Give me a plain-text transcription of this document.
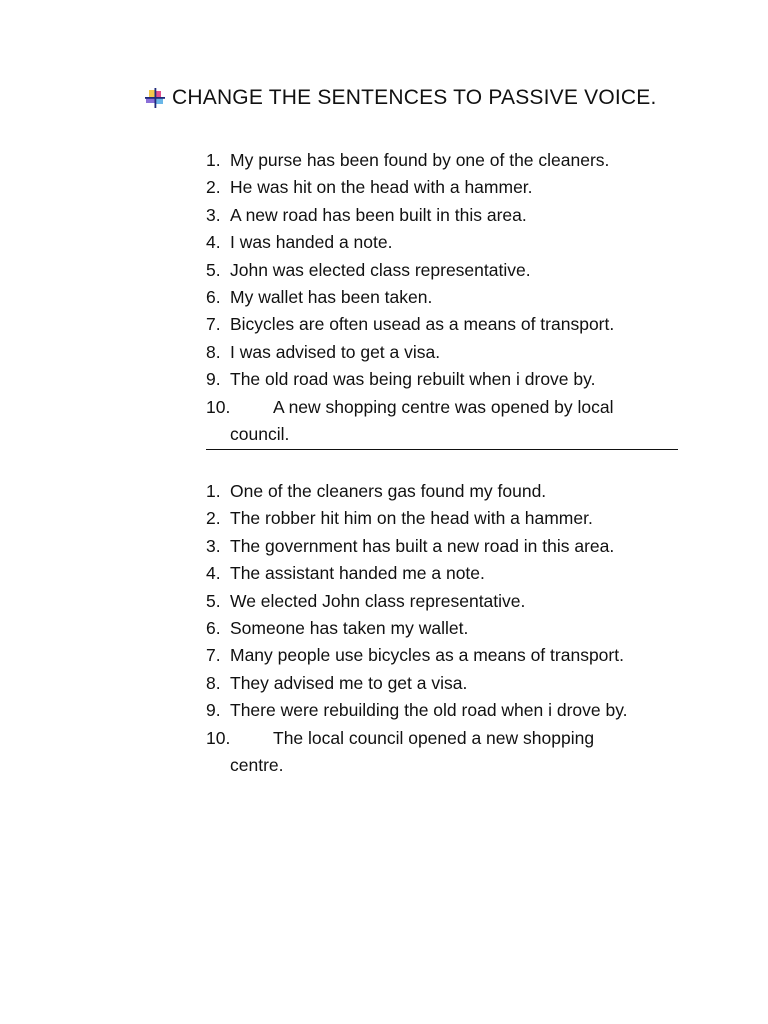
CHANGE THE SENTENCES TO PASSIVE VOICE.
1. My purse has been found by one of the cleaners.
2. He was hit on the head with a hammer.
3. A new road has been built in this area.
4. I was handed a note.
5. John was elected class representative.
6. My wallet has been taken.
7. Bicycles are often usead as a means of transport.
8. I was advised to get a visa.
9. The old road was being rebuilt when i drove by.
10. A new shopping centre was opened by local
council.
1. One of the cleaners gas found my found.
2. The robber hit him on the head with a hammer.
3. The government has built a new road in this area.
4. The assistant handed me a note.
5. We elected John class representative.
6. Someone has taken my wallet.
7. Many people use bicycles as a means of transport.
8. They advised me to get a visa.
9. There were rebuilding the old road when i drove by.
10. The local council opened a new shopping
centre.
